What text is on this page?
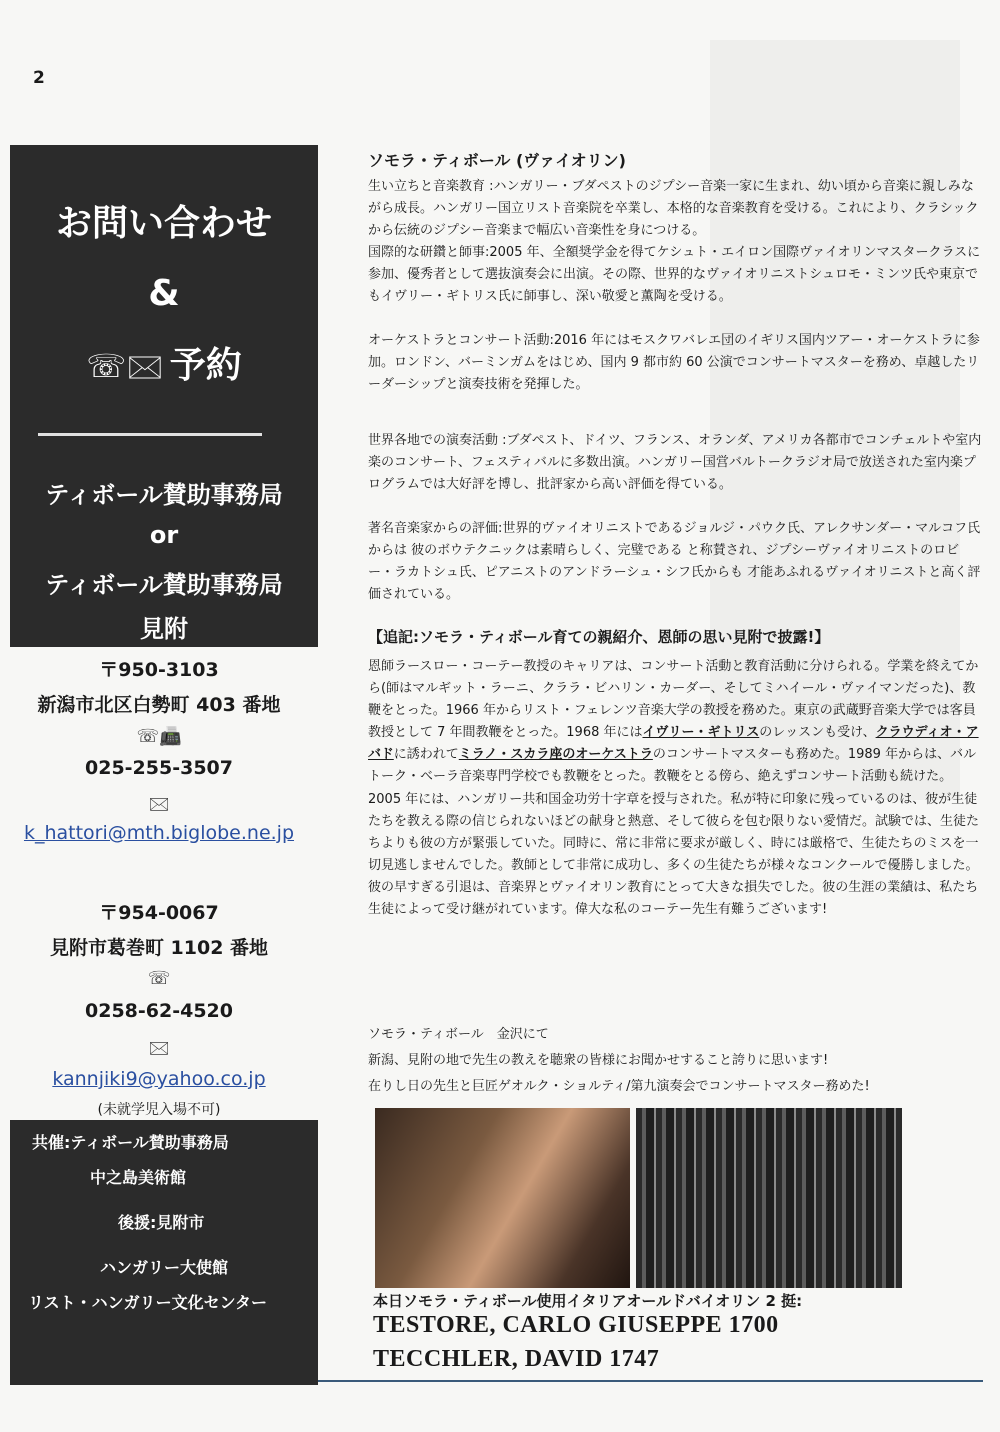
2
お問い合わせ
&
☏🖂 予約
ティボール賛助事務局
or
ティボール賛助事務局
見附
〒950-3103
新潟市北区白勢町 403 番地
☏📠
025-255-3507
🖂
k_hattori@mth.biglobe.ne.jp
〒954-0067
見附市葛巻町 1102 番地
☏
0258-62-4520
🖂
kannjiki9@yahoo.co.jp
(未就学児入場不可)
共催:ティボール賛助事務局
中之島美術館
後援:見附市
ハンガリー大使館
リスト・ハンガリー文化センター
ソモラ・ティボール (ヴァイオリン)
生い立ちと音楽教育 :ハンガリー・ブダペストのジプシー音楽一家に生まれ、幼い頃から音楽に親しみながら成長。ハンガリー国立リスト音楽院を卒業し、本格的な音楽教育を受ける。これにより、クラシックから伝統のジプシー音楽まで幅広い音楽性を身につける。
国際的な研鑽と師事:2005 年、全額奨学金を得てケシュト・エイロン国際ヴァイオリンマスタークラスに参加、優秀者として選抜演奏会に出演。その際、世界的なヴァイオリニストシュロモ・ミンツ氏や東京でもイヴリー・ギトリス氏に師事し、深い敬愛と薫陶を受ける。
オーケストラとコンサート活動:2016 年にはモスクワバレエ団のイギリス国内ツアー・オーケストラに参加。ロンドン、バーミンガムをはじめ、国内 9 都市約 60 公演でコンサートマスターを務め、卓越したリーダーシップと演奏技術を発揮した。
世界各地での演奏活動 :ブダペスト、ドイツ、フランス、オランダ、アメリカ各都市でコンチェルトや室内楽のコンサート、フェスティバルに多数出演。ハンガリー国営バルトークラジオ局で放送された室内楽プログラムでは大好評を博し、批評家から高い評価を得ている。
著名音楽家からの評価:世界的ヴァイオリニストであるジョルジ・パウク氏、アレクサンダー・マルコフ氏からは 彼のボウテクニックは素晴らしく、完璧である と称賛され、ジプシーヴァイオリニストのロビー・ラカトシュ氏、ピアニストのアンドラーシュ・シフ氏からも 才能あふれるヴァイオリニストと高く評価されている。
【追記:ソモラ・ティボール育ての親紹介、恩師の思い見附で披露!】
恩師ラースロー・コーテー教授のキャリアは、コンサート活動と教育活動に分けられる。学業を終えてから(師はマルギット・ラーニ、クララ・ビハリン・カーダー、そしてミハイール・ヴァイマンだった)、教鞭をとった。1966 年からリスト・フェレンツ音楽大学の教授を務めた。東京の武蔵野音楽大学では客員教授として 7 年間教鞭をとった。1968 年にはイヴリー・ギトリスのレッスンも受け、クラウディオ・アバドに誘われてミラノ・スカラ座のオーケストラのコンサートマスターも務めた。1989 年からは、バルトーク・ベーラ音楽専門学校でも教鞭をとった。教鞭をとる傍ら、絶えずコンサート活動も続けた。2005 年には、ハンガリー共和国金功労十字章を授与された。私が特に印象に残っているのは、彼が生徒たちを教える際の信じられないほどの献身と熱意、そして彼らを包む限りない愛情だ。試験では、生徒たちよりも彼の方が緊張していた。同時に、常に非常に要求が厳しく、時には厳格で、生徒たちのミスを一切見逃しませんでした。教師として非常に成功し、多くの生徒たちが様々なコンクールで優勝しました。彼の早すぎる引退は、音楽界とヴァイオリン教育にとって大きな損失でした。彼の生涯の業績は、私たち生徒によって受け継がれています。偉大な私のコーテー先生有難うございます!
ソモラ・ティボール　金沢にて
新潟、見附の地で先生の教えを聴衆の皆様にお聞かせすること誇りに思います!
在りし日の先生と巨匠ゲオルク・ショルティ/第九演奏会でコンサートマスター務めた!
本日ソモラ・ティボール使用イタリアオールドバイオリン 2 挺:
TESTORE, CARLO GIUSEPPE 1700
TECCHLER, DAVID 1747
